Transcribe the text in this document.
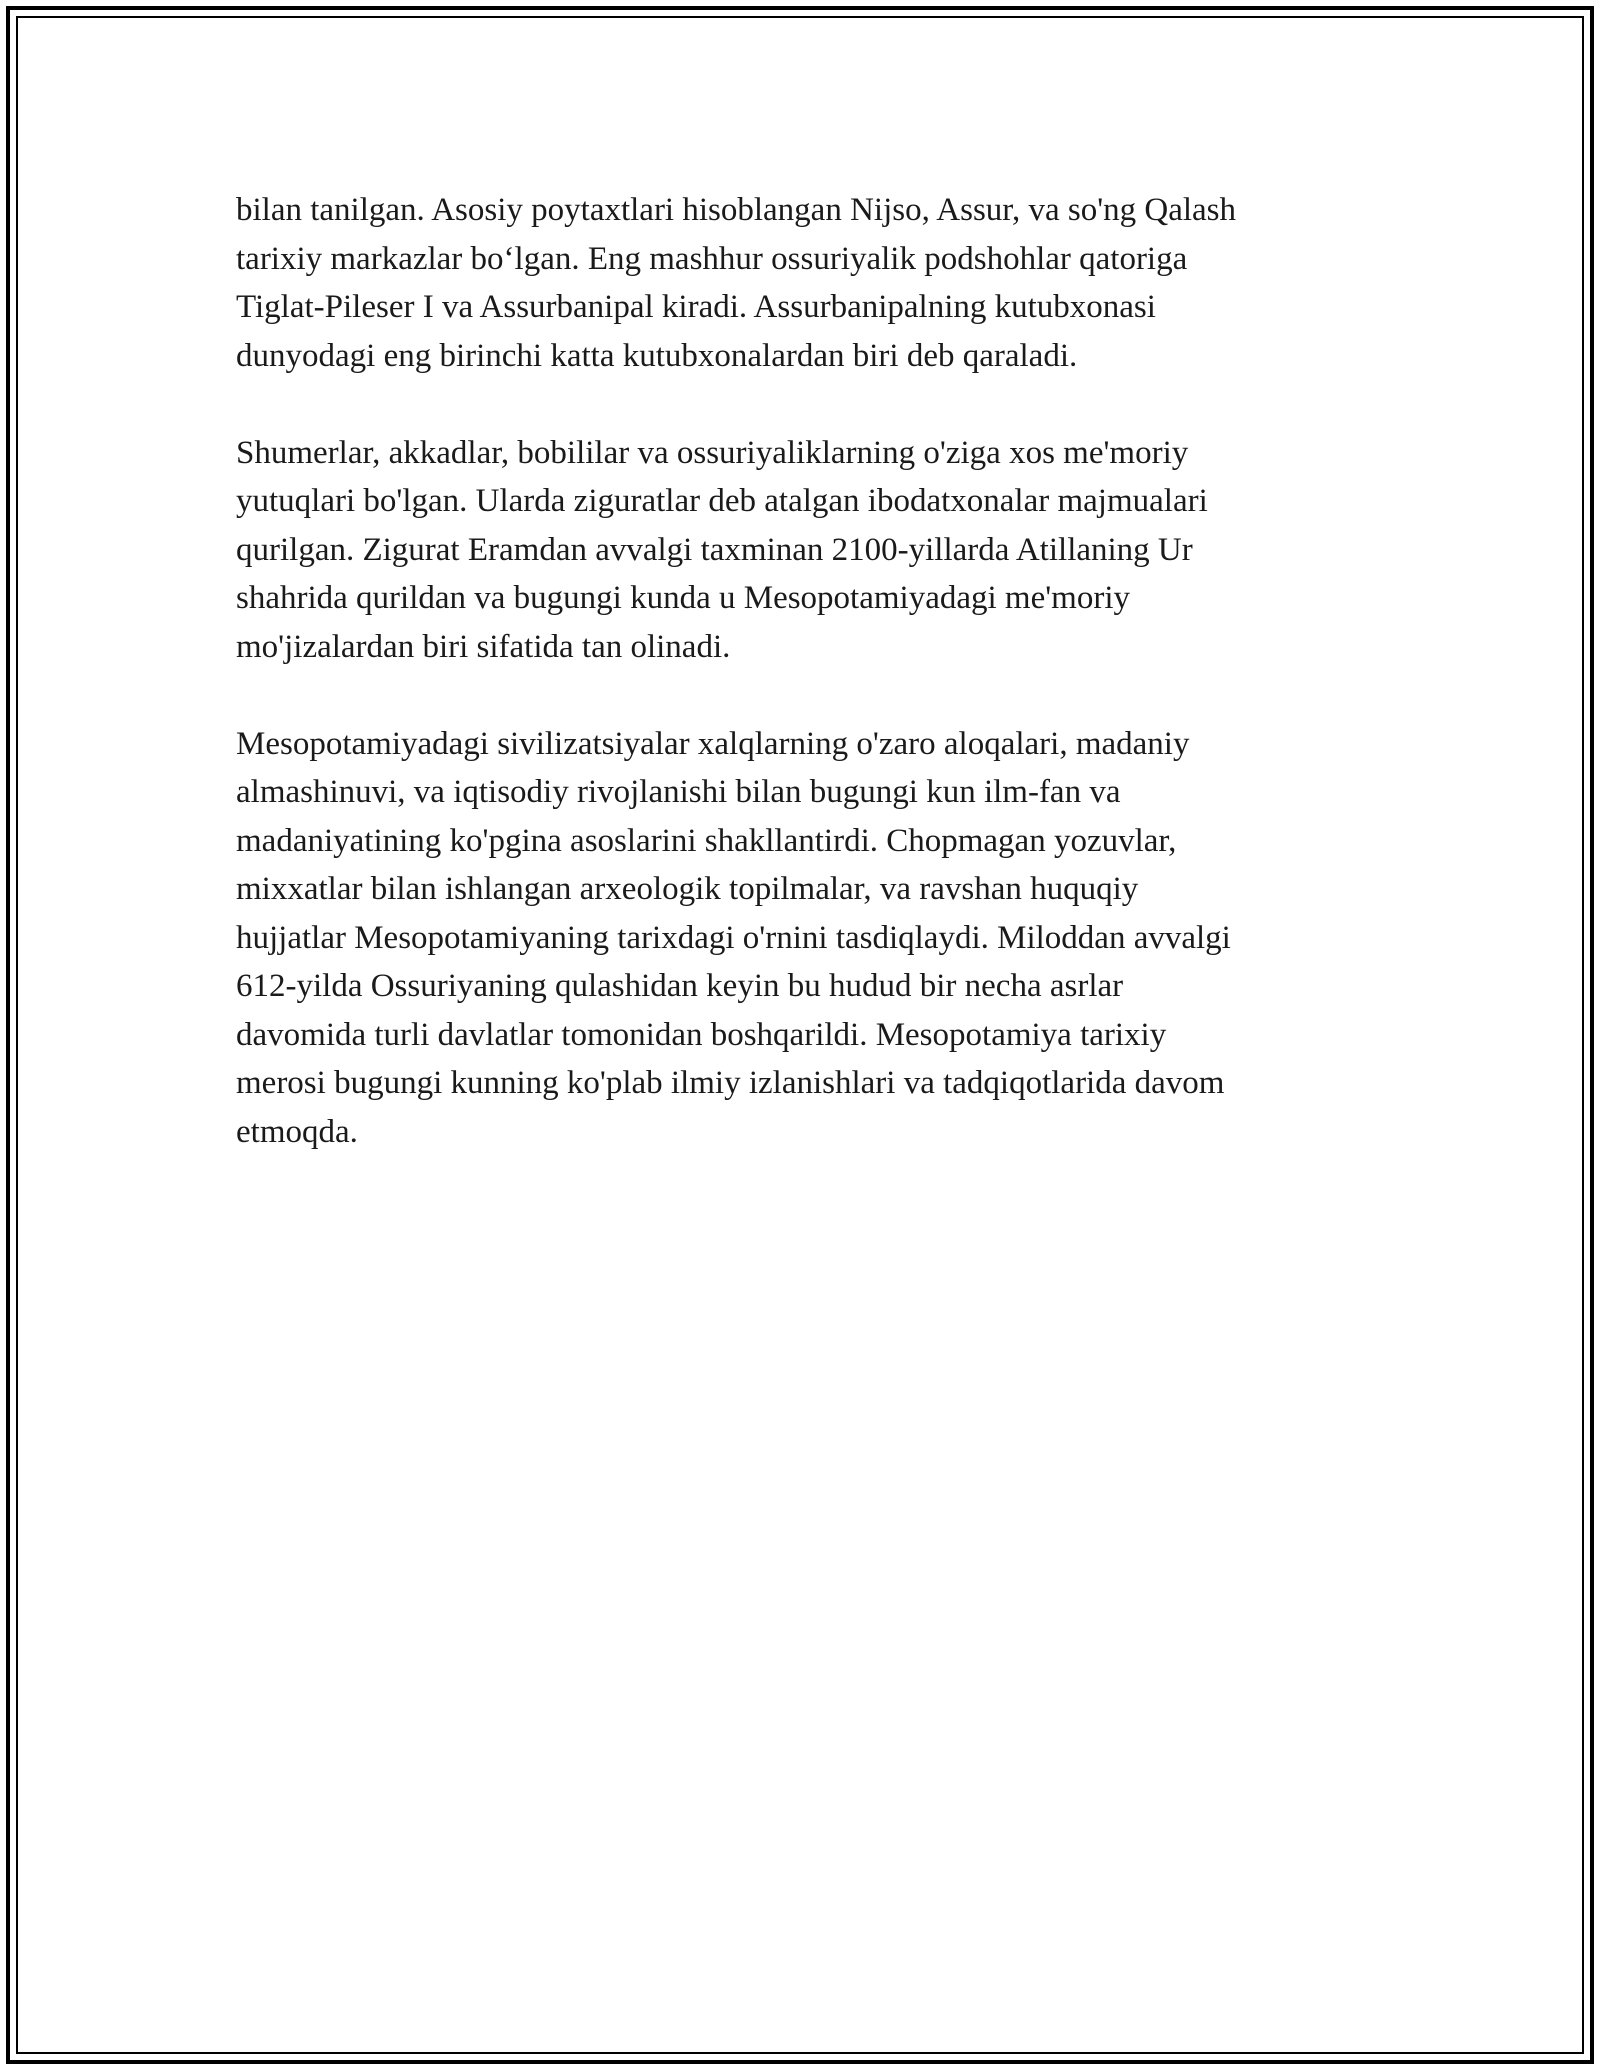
bilan tanilgan. Asosiy poytaxtlari hisoblangan Nijso, Assur, va so'ng Qalash
tarixiy markazlar bo‘lgan. Eng mashhur ossuriyalik podshohlar qatoriga
Tiglat-Pileser I va Assurbanipal kiradi. Assurbanipalning kutubxonasi
dunyodagi eng birinchi katta kutubxonalardan biri deb qaraladi.

Shumerlar, akkadlar, bobililar va ossuriyaliklarning o'ziga xos me'moriy
yutuqlari bo'lgan. Ularda ziguratlar deb atalgan ibodatxonalar majmualari
qurilgan. Zigurat Eramdan avvalgi taxminan 2100-yillarda Atillaning Ur
shahrida qurildan va bugungi kunda u Mesopotamiyadagi me'moriy
mo'jizalardan biri sifatida tan olinadi.

Mesopotamiyadagi sivilizatsiyalar xalqlarning o'zaro aloqalari, madaniy
almashinuvi, va iqtisodiy rivojlanishi bilan bugungi kun ilm-fan va
madaniyatining ko'pgina asoslarini shakllantirdi. Chopmagan yozuvlar,
mixxatlar bilan ishlangan arxeologik topilmalar, va ravshan huquqiy
hujjatlar Mesopotamiyaning tarixdagi o'rnini tasdiqlaydi. Miloddan avvalgi
612-yilda Ossuriyaning qulashidan keyin bu hudud bir necha asrlar
davomida turli davlatlar tomonidan boshqarildi. Mesopotamiya tarixiy
merosi bugungi kunning ko'plab ilmiy izlanishlari va tadqiqotlarida davom
etmoqda.
